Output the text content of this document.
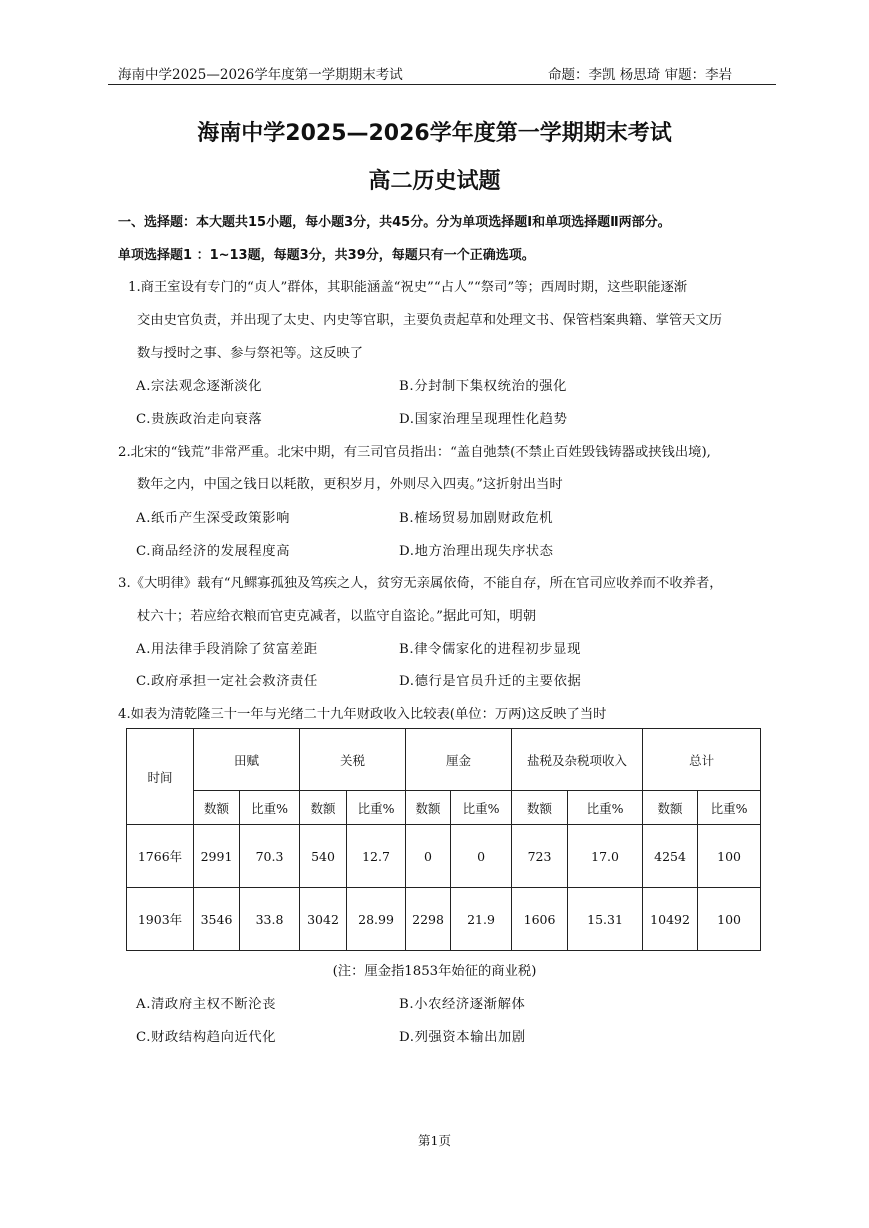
海南中学2025—2026学年度第一学期期末考试	命题：李凯 杨思琦 审题：李岩
海南中学2025—2026学年度第一学期期末考试
高二历史试题
一、选择题：本大题共15小题，每小题3分，共45分。分为单项选择题Ⅰ和单项选择题Ⅱ两部分。
单项选择题1 ：1~13题，每题3分，共39分，每题只有一个正确选项。
1.商王室设有专门的“贞人”群体，其职能涵盖“祝史”“占人”“祭司”等；西周时期，这些职能逐渐
交由史官负责，并出现了太史、内史等官职，主要负责起草和处理文书、保管档案典籍、掌管天文历
数与授时之事、参与祭祀等。这反映了
A.宗法观念逐渐淡化	B.分封制下集权统治的强化
C.贵族政治走向衰落	D.国家治理呈现理性化趋势
2.北宋的“钱荒”非常严重。北宋中期，有三司官员指出：“盖自弛禁(不禁止百姓毁钱铸器或挟钱出境),
数年之内，中国之钱日以耗散，更积岁月，外则尽入四夷。”这折射出当时
A.纸币产生深受政策影响	B.榷场贸易加剧财政危机
C.商品经济的发展程度高	D.地方治理出现失序状态
3.《大明律》载有“凡鳏寡孤独及笃疾之人，贫穷无亲属依倚，不能自存，所在官司应收养而不收养者，
杖六十；若应给衣粮而官吏克减者，以监守自盗论。”据此可知，明朝
A.用法律手段消除了贫富差距	B.律令儒家化的进程初步显现
C.政府承担一定社会救济责任	D.德行是官员升迁的主要依据
4.如表为清乾隆三十一年与光绪二十九年财政收入比较表(单位：万两)这反映了当时
时间	田赋		关税		厘金		盐税及杂税项收入		总计	
	数额	比重%	数额	比重%	数额	比重%	数额	比重%	数额	比重%
1766年	2991	70.3	540	12.7	0	0	723	17.0	4254	100
1903年	3546	33.8	3042	28.99	2298	21.9	1606	15.31	10492	100
(注：厘金指1853年始征的商业税)
A.清政府主权不断沦丧	B.小农经济逐渐解体
C.财政结构趋向近代化	D.列强资本输出加剧
第1页
